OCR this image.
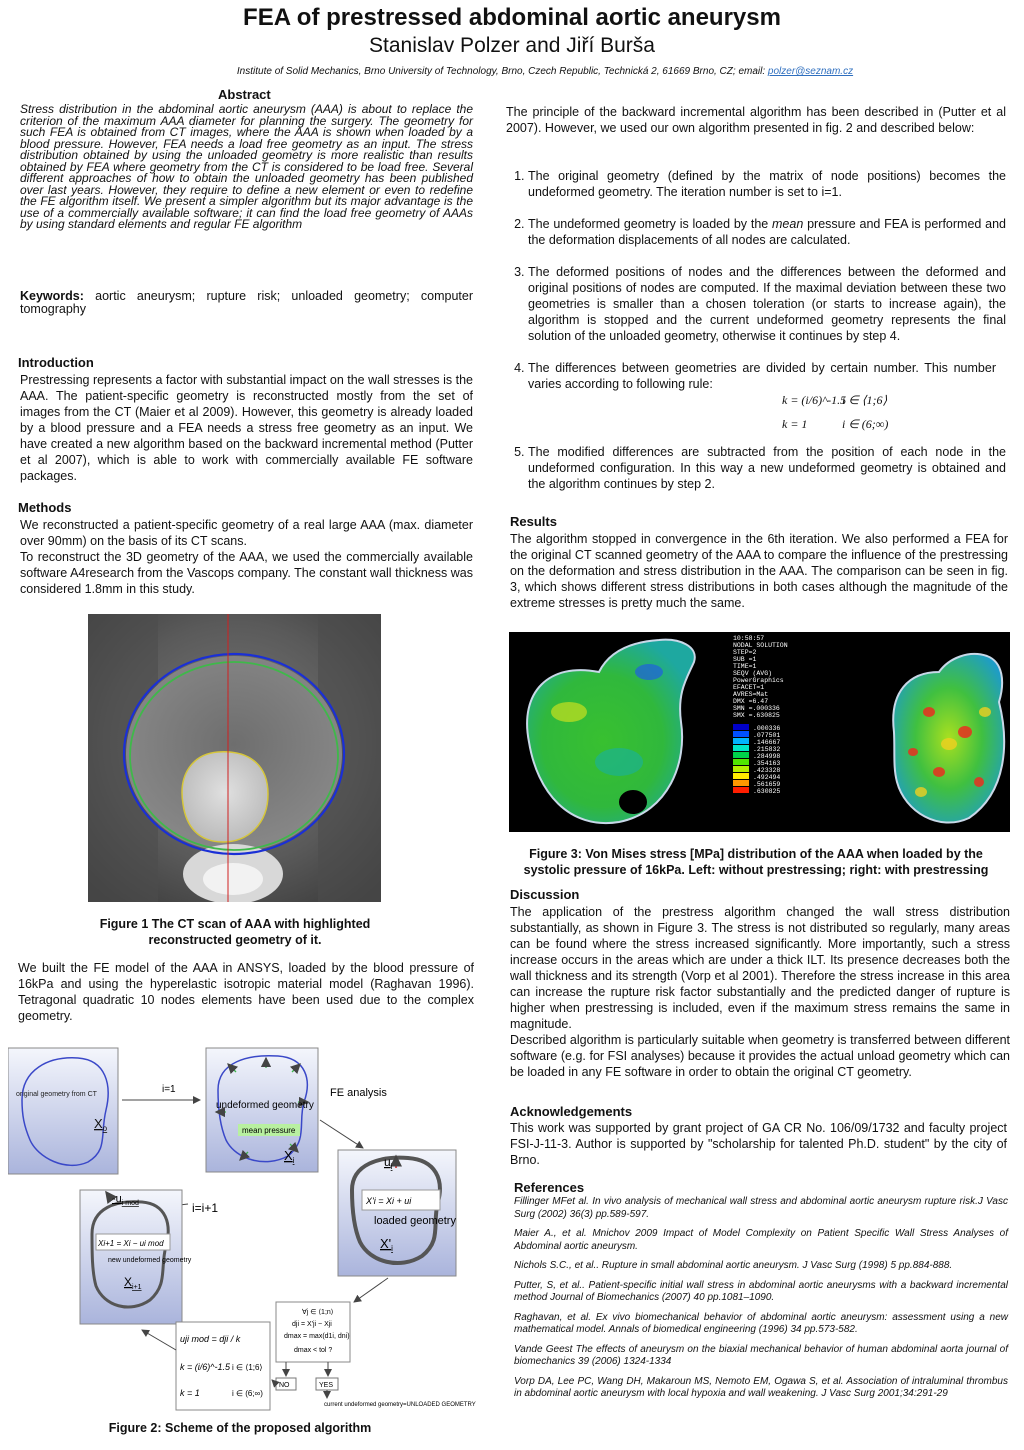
FEA of prestressed abdominal aortic aneurysm
Stanislav Polzer and Jiří Burša
Institute of Solid Mechanics, Brno University of Technology, Brno, Czech Republic, Technická 2, 61669 Brno, CZ; email: polzer@seznam.cz
Abstract
Stress distribution in the abdominal aortic aneurysm (AAA) is about to replace the criterion of the maximum AAA diameter for planning the surgery. The geometry for such FEA is obtained from CT images, where the AAA is shown when loaded by a blood pressure. However, FEA needs a load free geometry as an input. The stress distribution obtained by using the unloaded geometry is more realistic than results obtained by FEA where geometry from the CT is considered to be load free. Several different approaches of how to obtain the unloaded geometry has been published over last years. However, they require to define a new element or even to redefine the FE algorithm itself. We present a simpler algorithm but its major advantage is the use of a commercially available software; it can find the load free geometry of AAAs by using standard elements and regular FE algorithm
Keywords: aortic aneurysm; rupture risk; unloaded geometry; computer tomography
Introduction
Prestressing represents a factor with substantial impact on the wall stresses is the AAA. The patient-specific geometry is reconstructed mostly from the set of images from the CT (Maier et al 2009). However, this geometry is already loaded by a blood pressure and a FEA needs a stress free geometry as an input. We have created a new algorithm based on the backward incremental method (Putter et al 2007), which is able to work with commercially available FE software packages.
Methods
We reconstructed a patient-specific geometry of a real large AAA (max. diameter over 90mm) on the basis of its CT scans.
To reconstruct the 3D geometry of the AAA, we used the commercially available software A4research from the Vascops company. The constant wall thickness was considered 1.8mm in this study.
Figure 1 The CT scan of AAA with highlighted reconstructed geometry of it.
We built the FE model of the AAA in ANSYS, loaded by the blood pressure of 16kPa and using the hyperelastic isotropic material model (Raghavan 1996). Tetragonal quadratic 10 nodes elements have been used due to the complex geometry.
original geometry from CT
$X_o$
i=1
undeformed geometry
mean pressure
$X_i$
FE analysis
$u_i$
X'i = Xi + ui
loaded geometry
$X'_i$
i=i+1
$-u_{i mod}$
Xi+1 = Xi − ui mod
new undeformed geometry
$X_{i+1}$
∀j ∈ ⟨1;n⟩
dji = X'ji − Xji
dmax = max(d1i, dni)
dmax < tol ?
NO	YES
current undeformed geometry=UNLOADED GEOMETRY
uji mod = dji / k
k = (i/6)^-1.5 i ∈ ⟨1;6⟩
k = 1	i ∈ (6;∞)
Figure 2: Scheme of the proposed algorithm
The principle of the backward incremental algorithm has been described in (Putter et al 2007). However, we used our own algorithm presented in fig. 2 and described below:
1. The original geometry (defined by the matrix of node positions) becomes the undeformed geometry. The iteration number is set to i=1.
2. The undeformed geometry is loaded by the mean pressure and FEA is performed and the deformation displacements of all nodes are calculated.
3. The deformed positions of nodes and the differences between the deformed and original positions of nodes are computed. If the maximal deviation between these two geometries is smaller than a chosen toleration (or starts to increase again), the algorithm is stopped and the current undeformed geometry represents the final solution of the unloaded geometry, otherwise it continues by step 4.
4. The differences between geometries are divided by certain number. This number varies according to following rule:
k = (i/6)^-1.5
i ∈ ⟨1;6⟩
k = 1	i ∈ (6;∞)
5. The modified differences are subtracted from the position of each node in the undeformed configuration. In this way a new undeformed geometry is obtained and the algorithm continues by step 2.
Results
The algorithm stopped in convergence in the 6th iteration. We also performed a FEA for the original CT scanned geometry of the AAA to compare the influence of the prestressing on the deformation and stress distribution in the AAA. The comparison can be seen in fig. 3, which shows different stress distributions in both cases although the magnitude of the extreme stresses is pretty much the same.
10:58:57
NODAL SOLUTION
STEP=2
SUB =1
TIME=1
SEQV (AVG)
PowerGraphics
EFACET=1
AVRES=Mat
DMX =6.47
SMN =.000336
SMX =.630825
.000336
.077501
.146667
.215832
.284998
.354163
.423328
.492494
.561659
.630825
Figure 3: Von Mises stress [MPa] distribution of the AAA when loaded by the systolic pressure of 16kPa. Left: without prestressing; right: with prestressing
Discussion
The application of the prestress algorithm changed the wall stress distribution substantially, as shown in Figure 3. The stress is not distributed so regularly, many areas can be found where the stress increased significantly. More importantly, such a stress increase occurs in the areas which are under a thick ILT. Its presence decreases both the wall thickness and its strength (Vorp et al 2001). Therefore the stress increase in this area can increase the rupture risk factor substantially and the predicted danger of rupture is higher when prestressing is included, even if the maximum stress remains the same in magnitude.
Described algorithm is particularly suitable when geometry is transferred between different software (e.g. for FSI analyses) because it provides the actual unload geometry which can be loaded in any FE software in order to obtain the original CT geometry.
Acknowledgements
This work was supported by grant project of GA CR No. 106/09/1732 and faculty project FSI-J-11-3. Author is supported by "scholarship for talented Ph.D. student" by the city of Brno.
References
Fillinger MFet al. In vivo analysis of mechanical wall stress and abdominal aortic aneurysm rupture risk.J Vasc Surg (2002) 36(3) pp.589-597.
Maier A., et al. Mnichov 2009 Impact of Model Complexity on Patient Specific Wall Stress Analyses of Abdominal aortic aneurysm.
Nichols S.C., et al.. Rupture in small abdominal aortic aneurysm. J Vasc Surg (1998) 5 pp.884-888.
Putter, S, et al.. Patient-specific initial wall stress in abdominal aortic aneurysms with a backward incremental method Journal of Biomechanics (2007) 40 pp.1081–1090.
Raghavan, et al. Ex vivo biomechanical behavior of abdominal aortic aneurysm: assessment using a new mathematical model. Annals of biomedical engineering (1996) 34 pp.573-582.
Vande Geest The effects of aneurysm on the biaxial mechanical behavior of human abdominal aorta journal of biomechanics 39 (2006) 1324-1334
Vorp DA, Lee PC, Wang DH, Makaroun MS, Nemoto EM, Ogawa S, et al. Association of intraluminal thrombus in abdominal aortic aneurysm with local hypoxia and wall weakening. J Vasc Surg 2001;34:291-29
